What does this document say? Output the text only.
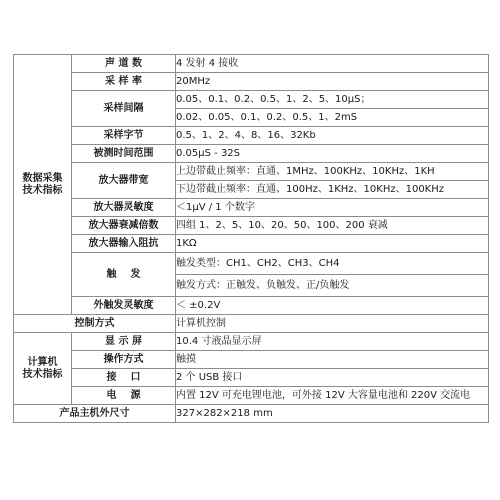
数据采集
技术指标	声 道 数	4 发射 4 接收
	采 样 率	20MHz
	采样间隔	0.05、0.1、0.2、0.5、1、2、5、10μS；
		0.02、0.05、0.1、0.2、0.5、1、2mS
	采样字节	0.5、1、2、4、8、16、32Kb
	被测时间范围	0.05μS - 32S
	放大器带宽	上边带截止频率：直通、1MHz、100KHz、10KHz、1KH
		下边带截止频率：直通、100Hz、1KHz、10KHz、100KHz
	放大器灵敏度	＜1μV / 1 个数字
	放大器衰减倍数	四组 1、2、5、10、20、50、100、200 衰减
	放大器输入阻抗	1KΩ
	触    发	触发类型：CH1、CH2、CH3、CH4
		触发方式：正触发、负触发、正/负触发
	外触发灵敏度	＜ ±0.2V
控制方式		计算机控制

计算机
技术指标	显 示 屏	10.4 寸液晶显示屏
	操作方式	触摸
	接    口	2 个 USB 接口
	电    源	内置 12V 可充电锂电池，可外接 12V 大容量电池和 220V 交流电
产品主机外尺寸		327×282×218 mm
